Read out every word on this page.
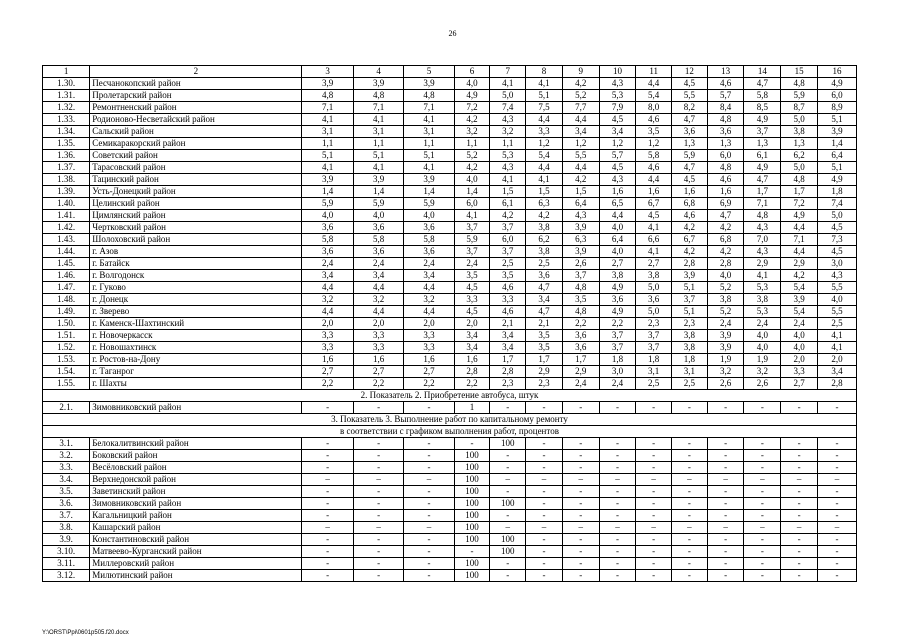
26
1	2	3	4	5	6	7	8	9	10	11	12	13	14	15	16
1.30.	Песчанокопский район	3,9	3,9	3,9	4,0	4,1	4,1	4,2	4,3	4,4	4,5	4,6	4,7	4,8	4,9
1.31.	Пролетарский район	4,8	4,8	4,8	4,9	5,0	5,1	5,2	5,3	5,4	5,5	5,7	5,8	5,9	6,0
1.32.	Ремонтненский район	7,1	7,1	7,1	7,2	7,4	7,5	7,7	7,9	8,0	8,2	8,4	8,5	8,7	8,9
1.33.	Родионово-Несветайский район	4,1	4,1	4,1	4,2	4,3	4,4	4,4	4,5	4,6	4,7	4,8	4,9	5,0	5,1
1.34.	Сальский район	3,1	3,1	3,1	3,2	3,2	3,3	3,4	3,4	3,5	3,6	3,6	3,7	3,8	3,9
1.35.	Семикаракорский район	1,1	1,1	1,1	1,1	1,1	1,2	1,2	1,2	1,2	1,3	1,3	1,3	1,3	1,4
1.36.	Советский район	5,1	5,1	5,1	5,2	5,3	5,4	5,5	5,7	5,8	5,9	6,0	6,1	6,2	6,4
1.37.	Тарасовский район	4,1	4,1	4,1	4,2	4,3	4,4	4,4	4,5	4,6	4,7	4,8	4,9	5,0	5,1
1.38.	Тацинский район	3,9	3,9	3,9	4,0	4,1	4,1	4,2	4,3	4,4	4,5	4,6	4,7	4,8	4,9
1.39.	Усть-Донецкий район	1,4	1,4	1,4	1,4	1,5	1,5	1,5	1,6	1,6	1,6	1,6	1,7	1,7	1,8
1.40.	Целинский район	5,9	5,9	5,9	6,0	6,1	6,3	6,4	6,5	6,7	6,8	6,9	7,1	7,2	7,4
1.41.	Цимлянский район	4,0	4,0	4,0	4,1	4,2	4,2	4,3	4,4	4,5	4,6	4,7	4,8	4,9	5,0
1.42.	Чертковский район	3,6	3,6	3,6	3,7	3,7	3,8	3,9	4,0	4,1	4,2	4,2	4,3	4,4	4,5
1.43.	Шолоховский район	5,8	5,8	5,8	5,9	6,0	6,2	6,3	6,4	6,6	6,7	6,8	7,0	7,1	7,3
1.44.	г. Азов	3,6	3,6	3,6	3,7	3,7	3,8	3,9	4,0	4,1	4,2	4,2	4,3	4,4	4,5
1.45.	г. Батайск	2,4	2,4	2,4	2,4	2,5	2,5	2,6	2,7	2,7	2,8	2,8	2,9	2,9	3,0
1.46.	г. Волгодонск	3,4	3,4	3,4	3,5	3,5	3,6	3,7	3,8	3,8	3,9	4,0	4,1	4,2	4,3
1.47.	г. Гуково	4,4	4,4	4,4	4,5	4,6	4,7	4,8	4,9	5,0	5,1	5,2	5,3	5,4	5,5
1.48.	г. Донецк	3,2	3,2	3,2	3,3	3,3	3,4	3,5	3,6	3,6	3,7	3,8	3,8	3,9	4,0
1.49.	г. Зверево	4,4	4,4	4,4	4,5	4,6	4,7	4,8	4,9	5,0	5,1	5,2	5,3	5,4	5,5
1.50.	г. Каменск-Шахтинский	2,0	2,0	2,0	2,0	2,1	2,1	2,2	2,2	2,3	2,3	2,4	2,4	2,4	2,5
1.51.	г. Новочеркасск	3,3	3,3	3,3	3,4	3,4	3,5	3,6	3,7	3,7	3,8	3,9	4,0	4,0	4,1
1.52.	г. Новошахтинск	3,3	3,3	3,3	3,4	3,4	3,5	3,6	3,7	3,7	3,8	3,9	4,0	4,0	4,1
1.53.	г. Ростов-на-Дону	1,6	1,6	1,6	1,6	1,7	1,7	1,7	1,8	1,8	1,8	1,9	1,9	2,0	2,0
1.54.	г. Таганрог	2,7	2,7	2,7	2,8	2,8	2,9	2,9	3,0	3,1	3,1	3,2	3,2	3,3	3,4
1.55.	г. Шахты	2,2	2,2	2,2	2,2	2,3	2,3	2,4	2,4	2,5	2,5	2,6	2,6	2,7	2,8
2. Показатель 2. Приобретение автобуса, штук															
2.1.	Зимовниковский район	-	-	-	1	-	-	-	-	-	-	-	-	-	-
3. Показатель 3. Выполнение работ по капитальному ремонту															
в соответствии с графиком выполнения работ, процентов															
3.1.	Белокалитвинский район	-	-	-	-	100	-	-	-	-	-	-	-	-	-
3.2.	Боковский район	-	-	-	100	-	-	-	-	-	-	-	-	-	-
3.3.	Весёловский район	-	-	-	100	-	-	-	-	-	-	-	-	-	-
3.4.	Верхнедонской район	–	–	–	100	–	–	–	–	–	–	–	–	–	–
3.5.	Заветинский район	-	-	-	100	-	-	-	-	-	-	-	-	-	-
3.6.	Зимовниковский район	-	-	-	100	100	-	-	-	-	-	-	-	-	-
3.7.	Кагальницкий район	-	-	-	100	-	-	-	-	-	-	-	-	-	-
3.8.	Кашарский район	–	–	–	100	–	–	–	–	–	–	–	–	–	–
3.9.	Константиновский район	-	-	-	100	100	-	-	-	-	-	-	-	-	-
3.10.	Матвеево-Курганский район	-	-	-	-	100	-	-	-	-	-	-	-	-	-
3.11.	Миллеровский район	-	-	-	100	-	-	-	-	-	-	-	-	-	-
3.12.	Милютинский район	-	-	-	100	-	-	-	-	-	-	-	-	-	-
Y:\ORST\Ppi\0601p505.f20.docx
